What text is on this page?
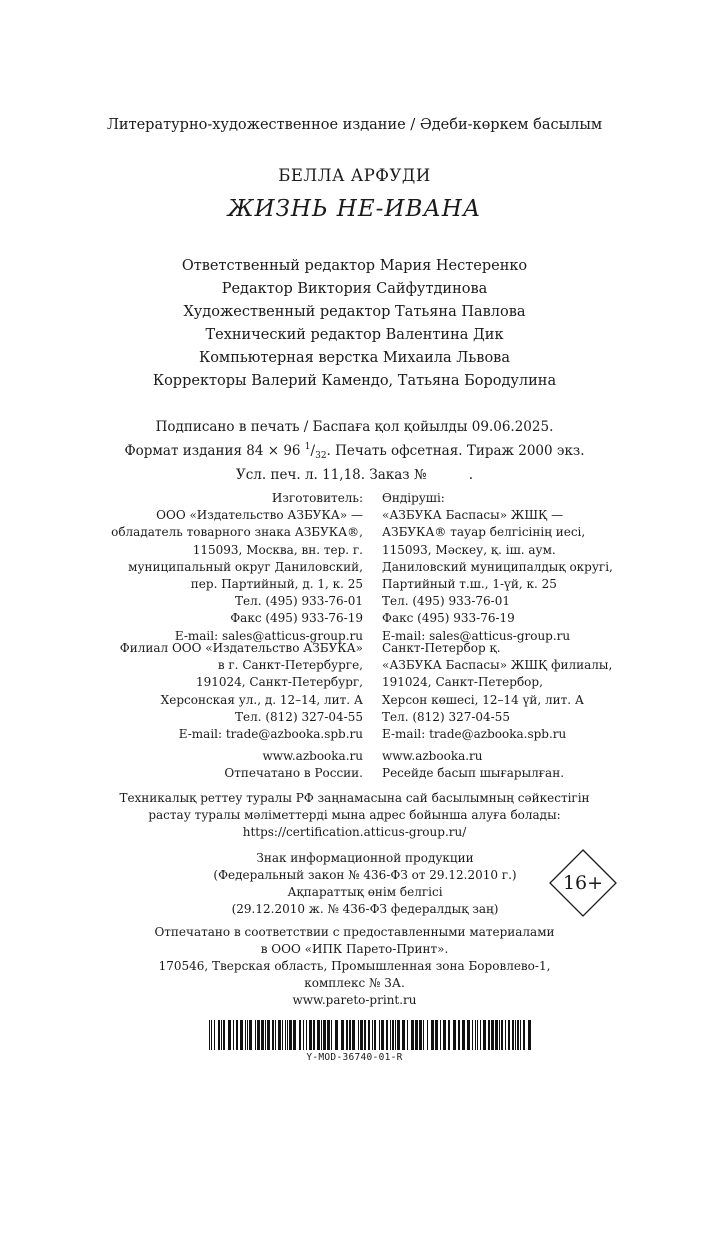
Литературно-художественное издание / Әдеби-көркем басылым
БЕЛЛА АРФУДИ
ЖИЗНЬ НЕ-ИВАНА
Ответственный редактор Мария Нестеренко
Редактор Виктория Сайфутдинова
Художественный редактор Татьяна Павлова
Технический редактор Валентина Дик
Компьютерная верстка Михаила Львова
Корректоры Валерий Камендо, Татьяна Бородулина
Подписано в печать / Баспаға қол қойылды 09.06.2025.
Формат издания 84 × 96 $^1/_{32}$. Печать офсетная. Тираж 2000 экз.
Усл. печ. л. 11,18. Заказ №	.
Изготовитель:
ООО «Издательство АЗБУКА» —
обладатель товарного знака АЗБУКА®,
115093, Москва, вн. тер. г.
муниципальный округ Даниловский,
пер. Партийный, д. 1, к. 25
Тел. (495) 933-76-01
Факс (495) 933-76-19
E-mail: sales@atticus-group.ru
Өндіруші:
«АЗБУКА Баспасы» ЖШҚ —
АЗБУКА® тауар белгісінің иесі,
115093, Мәскеу, қ. іш. аум.
Даниловский муниципалдық округі,
Партийный т.ш., 1-үй, к. 25
Тел. (495) 933-76-01
Факс (495) 933-76-19
E-mail: sales@atticus-group.ru
Филиал ООО «Издательство АЗБУКА»
в г. Санкт-Петербурге,
191024, Санкт-Петербург,
Херсонская ул., д. 12–14, лит. А
Тел. (812) 327-04-55
E-mail: trade@azbooka.spb.ru
Санкт-Петербор қ.
«АЗБУКА Баспасы» ЖШҚ филиалы,
191024, Санкт-Петербор,
Херсон көшесі, 12–14 үй, лит. А
Тел. (812) 327-04-55
E-mail: trade@azbooka.spb.ru
www.azbooka.ru
Отпечатано в России.
www.azbooka.ru
Ресейде басып шығарылған.
Техникалық реттеу туралы РФ заңнамасына сай басылымның сәйкестігін
растау туралы мәліметтерді мына адрес бойынша алуға болады:
https://certification.atticus-group.ru/
Знак информационной продукции
(Федеральный закон № 436-ФЗ от 29.12.2010 г.)
Ақпараттық өнім белгісі
(29.12.2010 ж. № 436-ФЗ федералдық заң)
16+
Отпечатано в соответствии с предоставленными материалами
в ООО «ИПК Парето-Принт».
170546, Тверская область, Промышленная зона Боровлево-1,
комплекс № 3А.
www.pareto-print.ru
Y-MOD-36740-01-R
